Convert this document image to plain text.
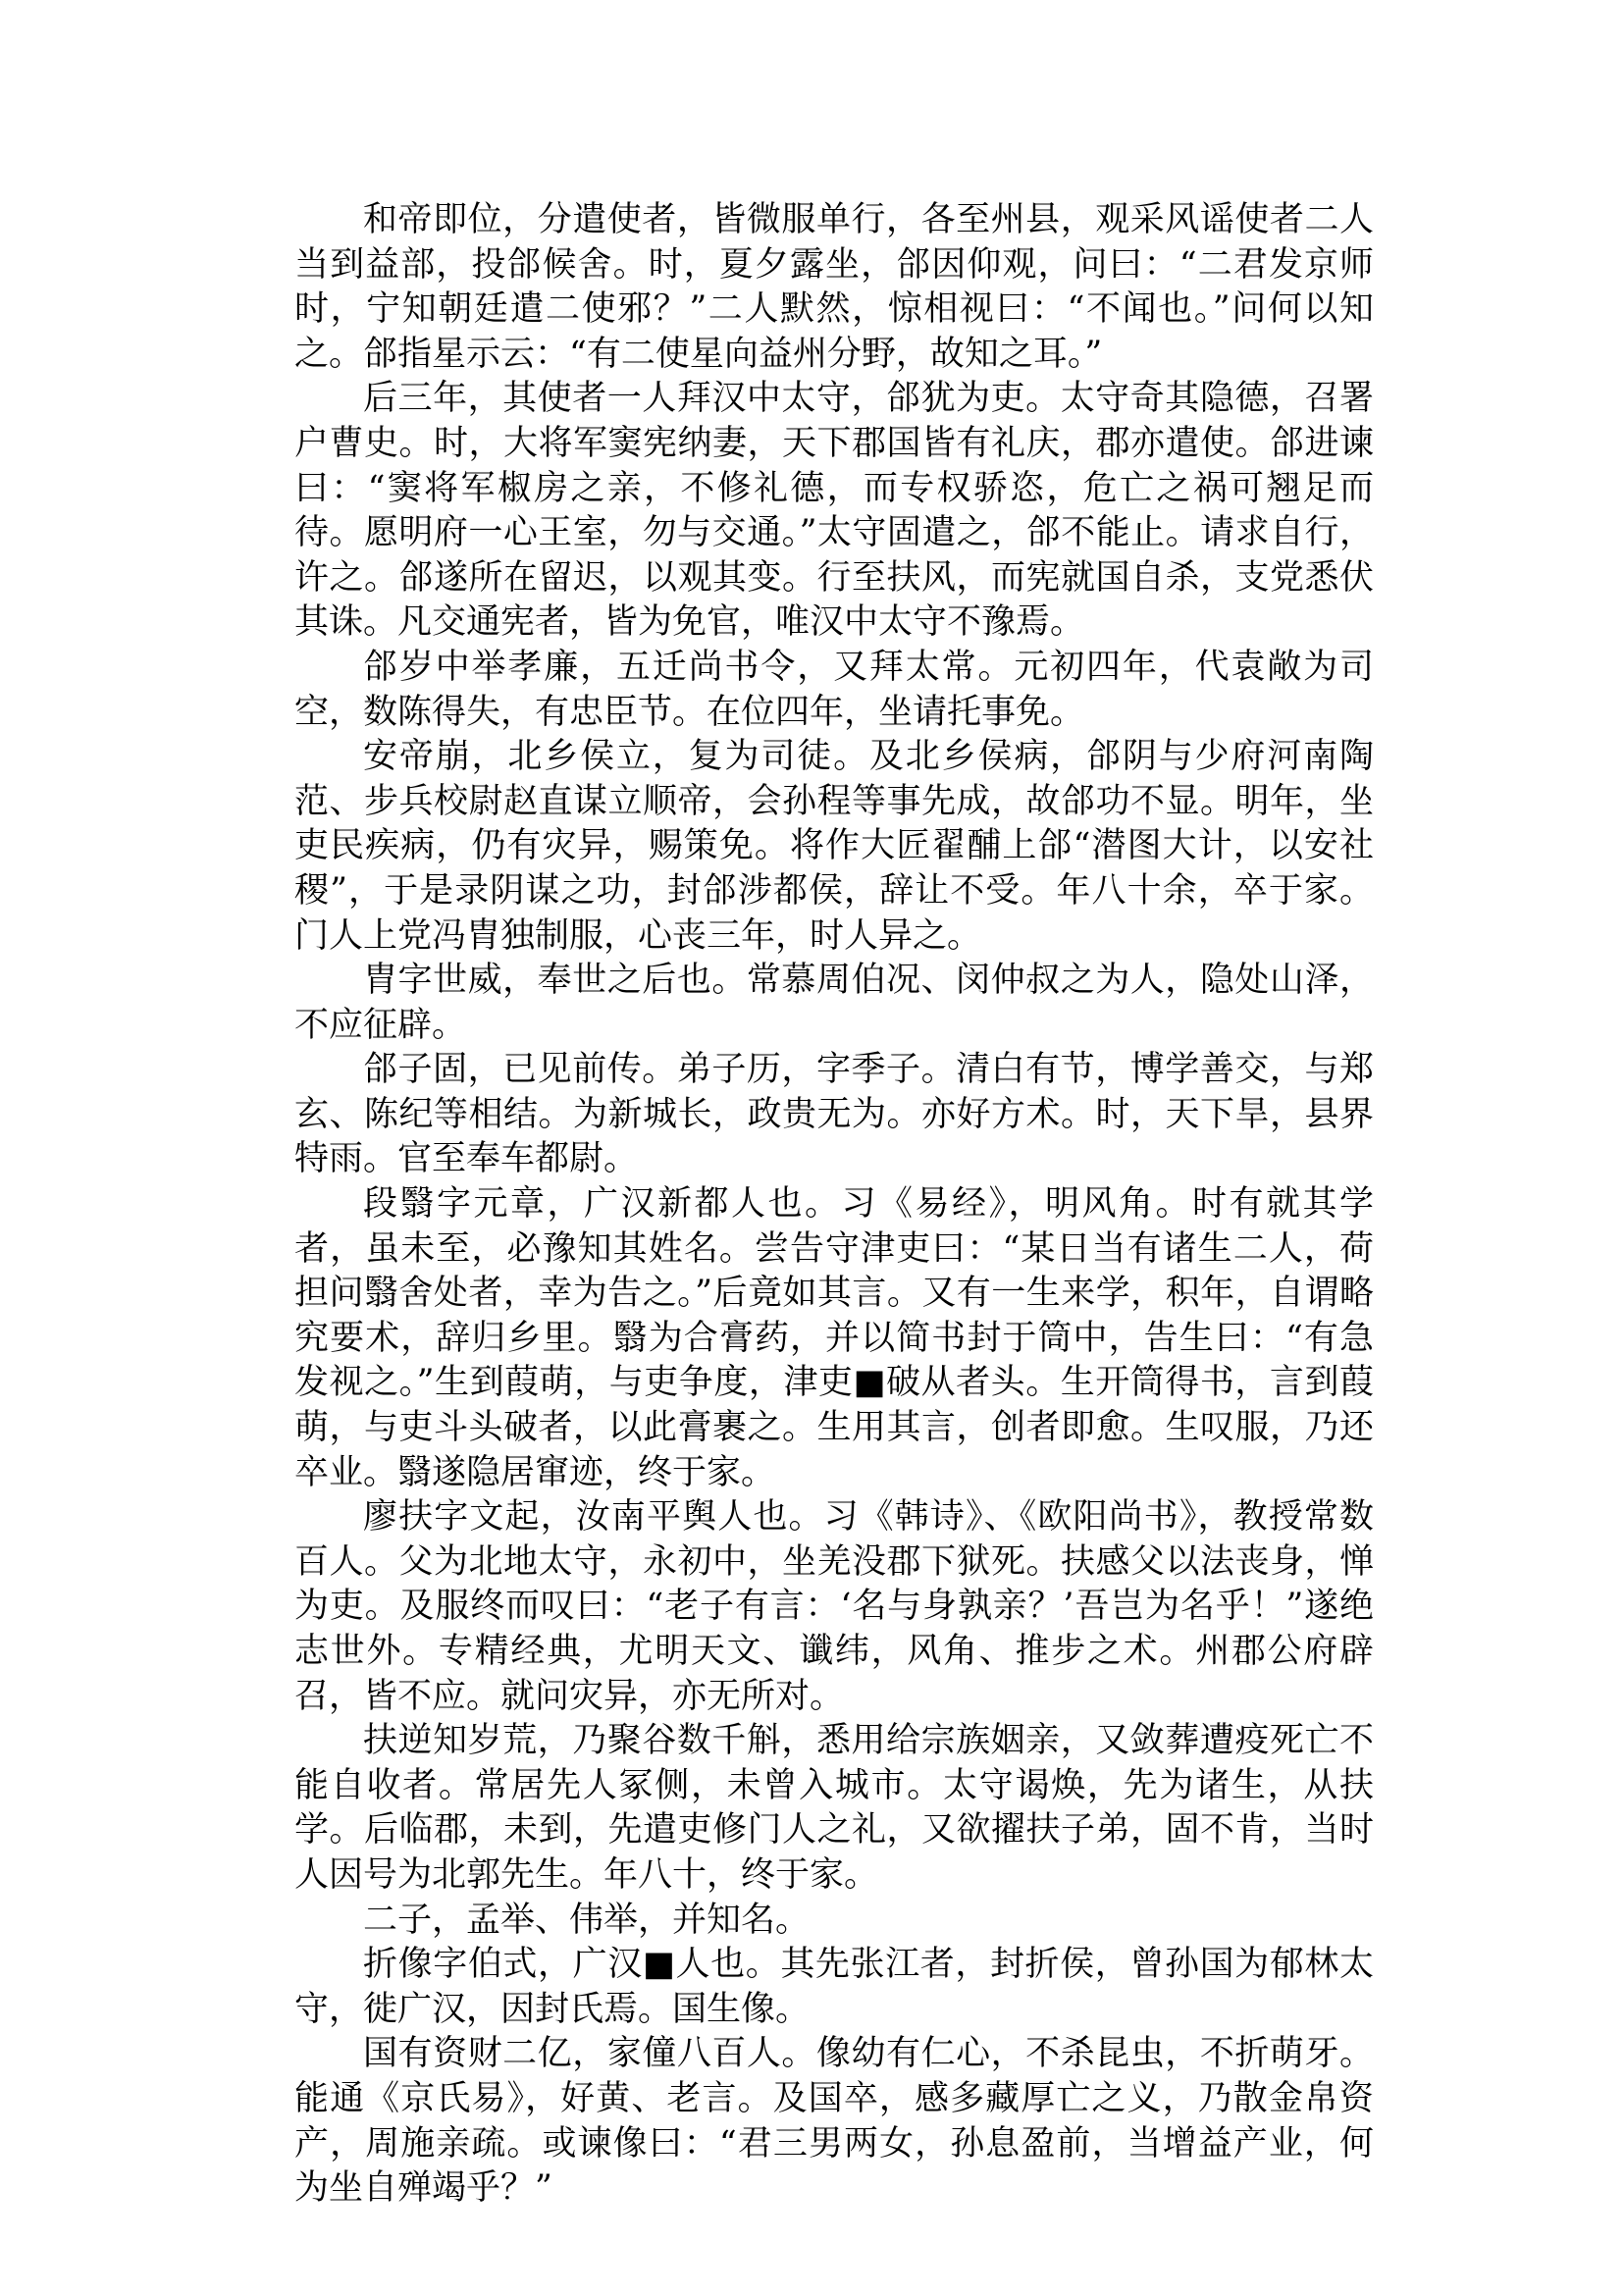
和帝即位，分遣使者，皆微服单行，各至州县，观采风谣使者二人当到益部，投郃候舍。时，夏夕露坐，郃因仰观，问曰：“二君发京师时，宁知朝廷遣二使邪？”二人默然，惊相视曰：“不闻也。”问何以知之。郃指星示云：“有二使星向益州分野，故知之耳。”

后三年，其使者一人拜汉中太守，郃犹为吏。太守奇其隐德，召署户曹史。时，大将军窦宪纳妻，天下郡国皆有礼庆，郡亦遣使。郃进谏曰：“窦将军椒房之亲，不修礼德，而专权骄恣，危亡之祸可翘足而待。愿明府一心王室，勿与交通。”太守固遣之，郃不能止。请求自行，许之。郃遂所在留迟，以观其变。行至扶风，而宪就国自杀，支党悉伏其诛。凡交通宪者，皆为免官，唯汉中太守不豫焉。

郃岁中举孝廉，五迁尚书令，又拜太常。元初四年，代袁敞为司空，数陈得失，有忠臣节。在位四年，坐请托事免。

安帝崩，北乡侯立，复为司徒。及北乡侯病，郃阴与少府河南陶范、步兵校尉赵直谋立顺帝，会孙程等事先成，故郃功不显。明年，坐吏民疾病，仍有灾异，赐策免。将作大匠翟酺上郃“潜图大计，以安社稷”，于是录阴谋之功，封郃涉都侯，辞让不受。年八十余，卒于家。门人上党冯胄独制服，心丧三年，时人异之。

胄字世威，奉世之后也。常慕周伯况、闵仲叔之为人，隐处山泽，不应征辟。

郃子固，已见前传。弟子历，字季子。清白有节，博学善交，与郑玄、陈纪等相结。为新城长，政贵无为。亦好方术。时，天下旱，县界特雨。官至奉车都尉。

段翳字元章，广汉新都人也。习《易经》，明风角。时有就其学者，虽未至，必豫知其姓名。尝告守津吏曰：“某日当有诸生二人，荷担问翳舍处者，幸为告之。”后竟如其言。又有一生来学，积年，自谓略究要术，辞归乡里。翳为合膏药，并以简书封于筒中，告生曰：“有急发视之。”生到葭萌，与吏争度，津吏■破从者头。生开筒得书，言到葭萌，与吏斗头破者，以此膏裹之。生用其言，创者即愈。生叹服，乃还卒业。翳遂隐居窜迹，终于家。

廖扶字文起，汝南平舆人也。习《韩诗》、《欧阳尚书》，教授常数百人。父为北地太守，永初中，坐羌没郡下狱死。扶感父以法丧身，惮为吏。及服终而叹曰：“老子有言：‘名与身孰亲？’吾岂为名乎！”遂绝志世外。专精经典，尤明天文、谶纬，风角、推步之术。州郡公府辟召，皆不应。就问灾异，亦无所对。

扶逆知岁荒，乃聚谷数千斛，悉用给宗族姻亲，又敛葬遭疫死亡不能自收者。常居先人冢侧，未曾入城市。太守谒焕，先为诸生，从扶学。后临郡，未到，先遣吏修门人之礼，又欲擢扶子弟，固不肯，当时人因号为北郭先生。年八十，终于家。

二子，孟举、伟举，并知名。

折像字伯式，广汉■人也。其先张江者，封折侯，曾孙国为郁林太守，徙广汉，因封氏焉。国生像。

国有资财二亿，家僮八百人。像幼有仁心，不杀昆虫，不折萌牙。能通《京氏易》，好黄、老言。及国卒，感多藏厚亡之义，乃散金帛资产，周施亲疏。或谏像曰：“君三男两女，孙息盈前，当增益产业，何为坐自殚竭乎？”
